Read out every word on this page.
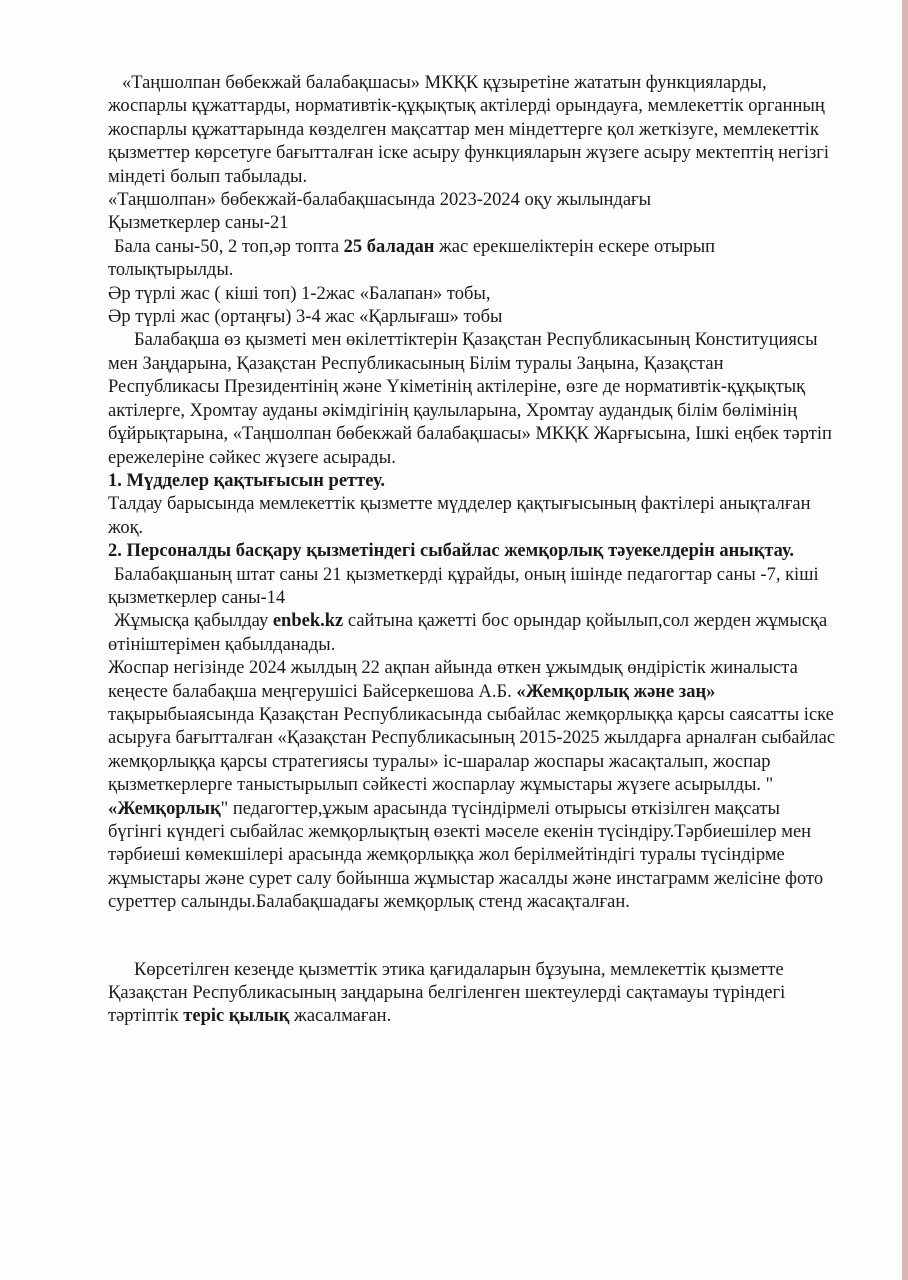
«Таңшолпан бөбекжай балабақшасы» МКҚК құзыретіне жататын функцияларды, жоспарлы құжаттарды, нормативтік-құқықтық актілерді орындауға, мемлекеттік органның жоспарлы құжаттарында көзделген мақсаттар мен міндеттерге қол жеткізуге, мемлекеттік қызметтер көрсетуге бағытталған іске асыру функцияларын жүзеге асыру мектептің негізгі міндеті болып табылады.

«Таңшолпан» бөбекжай-балабақшасында 2023-2024 оқу жылындағы

Қызметкерлер саны-21

Бала саны-50, 2 топ,әр топта 25 баладан жас ерекшеліктерін ескере отырып толықтырылды.

Әр түрлі жас ( кіші топ) 1-2жас «Балапан» тобы,

Әр түрлі жас (ортаңғы) 3-4 жас «Қарлығаш» тобы

Балабақша өз қызметі мен өкілеттіктерін Қазақстан Республикасының Конституциясы мен Заңдарына, Қазақстан Республикасының Білім туралы Заңына, Қазақстан Республикасы Президентінің және Үкіметінің актілеріне, өзге де нормативтік-құқықтық актілерге, Хромтау ауданы әкімдігінің қаулыларына, Хромтау аудандық білім бөлімінің бұйрықтарына, «Таңшолпан бөбекжай балабақшасы» МКҚК Жарғысына, Ішкі еңбек тәртіп ережелеріне сәйкес жүзеге асырады.

1. Мүдделер қақтығысын реттеу.

Талдау барысында мемлекеттік қызметте мүдделер қақтығысының фактілері анықталған жоқ.

2. Персоналды басқару қызметіндегі сыбайлас жемқорлық тәуекелдерін анықтау.

Балабақшаның штат саны 21 қызметкерді құрайды, оның ішінде педагогтар саны -7, кіші қызметкерлер саны-14

Жұмысқа қабылдау enbek.kz сайтына қажетті бос орындар қойылып,сол жерден жұмысқа өтініштерімен қабылданады.

Жоспар негізінде 2024 жылдың 22 ақпан айында өткен ұжымдық өндірістік жиналыста кеңесте балабақша меңгерушісі Байсеркешова А.Б. «Жемқорлық және заң» тақырыбыаясында Қазақстан Республикасында сыбайлас жемқорлыққа қарсы саясатты іске асыруға бағытталған «Қазақстан Республикасының 2015-2025 жылдарға арналған сыбайлас жемқорлыққа қарсы стратегиясы туралы» іс-шаралар жоспары жасақталып, жоспар қызметкерлерге таныстырылып сәйкесті жоспарлау жұмыстары жүзеге асырылды. "

«Жемқорлық" педагогтер,ұжым арасында түсіндірмелі отырысы өткізілген мақсаты бүгінгі күндегі сыбайлас жемқорлықтың өзекті мәселе екенін түсіндіру.Тәрбиешілер мен тәрбиеші көмекшілері арасында жемқорлыққа жол берілмейтіндігі туралы түсіндірме жұмыстары және сурет салу бойынша жұмыстар жасалды және инстаграмм желісіне фото суреттер салынды.Балабақшадағы жемқорлық стенд жасақталған.

Көрсетілген кезеңде қызметтік этика қағидаларын бұзуына, мемлекеттік қызметте Қазақстан Республикасының заңдарына белгіленген шектеулерді сақтамауы түріндегі тәртіптік теріс қылық жасалмаған.
